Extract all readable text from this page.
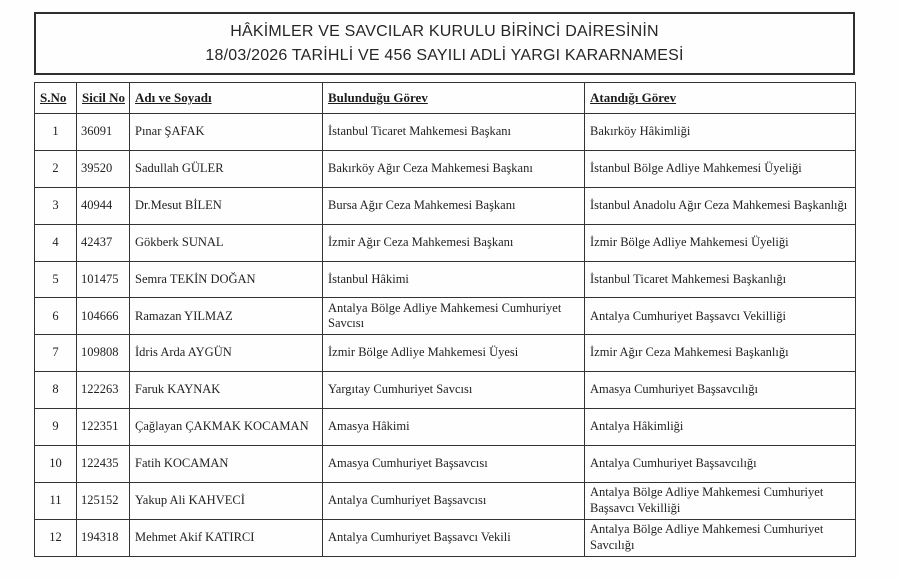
HÂKİMLER VE SAVCILAR KURULU BİRİNCİ DAİRESİNİN
18/03/2026 TARİHLİ VE 456 SAYILI ADLİ YARGI KARARNAMESİ
S.No	Sicil No	Adı ve Soyadı	Bulunduğu Görev	Atandığı Görev
1	36091	Pınar ŞAFAK	İstanbul Ticaret Mahkemesi Başkanı	Bakırköy Hâkimliği
2	39520	Sadullah GÜLER	Bakırköy Ağır Ceza Mahkemesi Başkanı	İstanbul Bölge Adliye Mahkemesi Üyeliği
3	40944	Dr.Mesut BİLEN	Bursa Ağır Ceza Mahkemesi Başkanı	İstanbul Anadolu Ağır Ceza Mahkemesi Başkanlığı
4	42437	Gökberk SUNAL	İzmir Ağır Ceza Mahkemesi Başkanı	İzmir Bölge Adliye Mahkemesi Üyeliği
5	101475	Semra TEKİN DOĞAN	İstanbul Hâkimi	İstanbul Ticaret Mahkemesi Başkanlığı
6	104666	Ramazan YILMAZ	Antalya Bölge Adliye Mahkemesi Cumhuriyet Savcısı	Antalya Cumhuriyet Başsavcı Vekilliği
7	109808	İdris Arda AYGÜN	İzmir Bölge Adliye Mahkemesi Üyesi	İzmir Ağır Ceza Mahkemesi Başkanlığı
8	122263	Faruk KAYNAK	Yargıtay Cumhuriyet Savcısı	Amasya Cumhuriyet Başsavcılığı
9	122351	Çağlayan ÇAKMAK KOCAMAN	Amasya Hâkimi	Antalya Hâkimliği
10	122435	Fatih KOCAMAN	Amasya Cumhuriyet Başsavcısı	Antalya Cumhuriyet Başsavcılığı
11	125152	Yakup Ali KAHVECİ	Antalya Cumhuriyet Başsavcısı	Antalya Bölge Adliye Mahkemesi Cumhuriyet Başsavcı Vekilliği
12	194318	Mehmet Akif KATIRCI	Antalya Cumhuriyet Başsavcı Vekili	Antalya Bölge Adliye Mahkemesi Cumhuriyet Savcılığı
